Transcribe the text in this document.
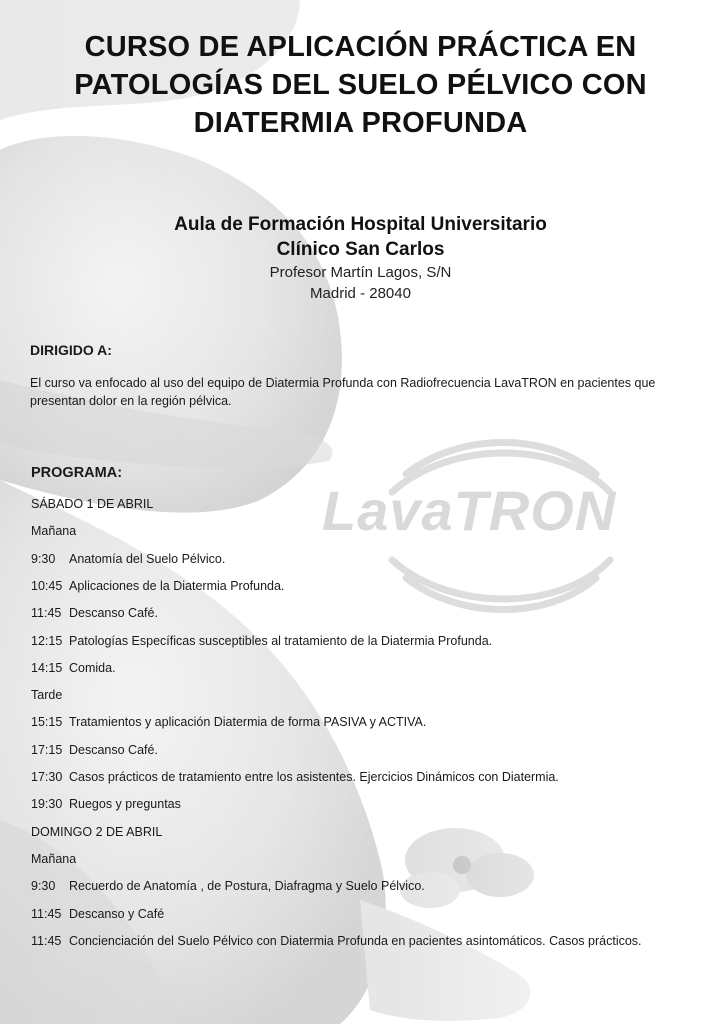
LavaTRON
CURSO DE APLICACIÓN PRÁCTICA EN
PATOLOGÍAS DEL SUELO PÉLVICO CON
DIATERMIA PROFUNDA
Aula de Formación Hospital Universitario
Clínico San Carlos
Profesor Martín Lagos, S/N
Madrid - 28040
DIRIGIDO A:
El curso va enfocado al uso del equipo de Diatermia Profunda con Radiofrecuencia LavaTRON en pacientes que presentan dolor en la región pélvica.
PROGRAMA:
SÁBADO 1 DE ABRIL
Mañana
9:30 Anatomía del Suelo Pélvico.
10:45 Aplicaciones de la Diatermia Profunda.
11:45 Descanso Café.
12:15 Patologías Específicas susceptibles al tratamiento de la Diatermia Profunda.
14:15 Comida.
Tarde
15:15 Tratamientos y aplicación Diatermia de forma PASIVA y ACTIVA.
17:15 Descanso Café.
17:30 Casos prácticos de tratamiento entre los asistentes. Ejercicios Dinámicos con Diatermia.
19:30 Ruegos y preguntas
DOMINGO 2 DE ABRIL
Mañana
9:30 Recuerdo de Anatomía , de Postura, Diafragma y Suelo Pélvico.
11:45 Descanso y Café
11:45 Concienciación del Suelo Pélvico con Diatermia Profunda en pacientes asintomáticos. Casos prácticos.
